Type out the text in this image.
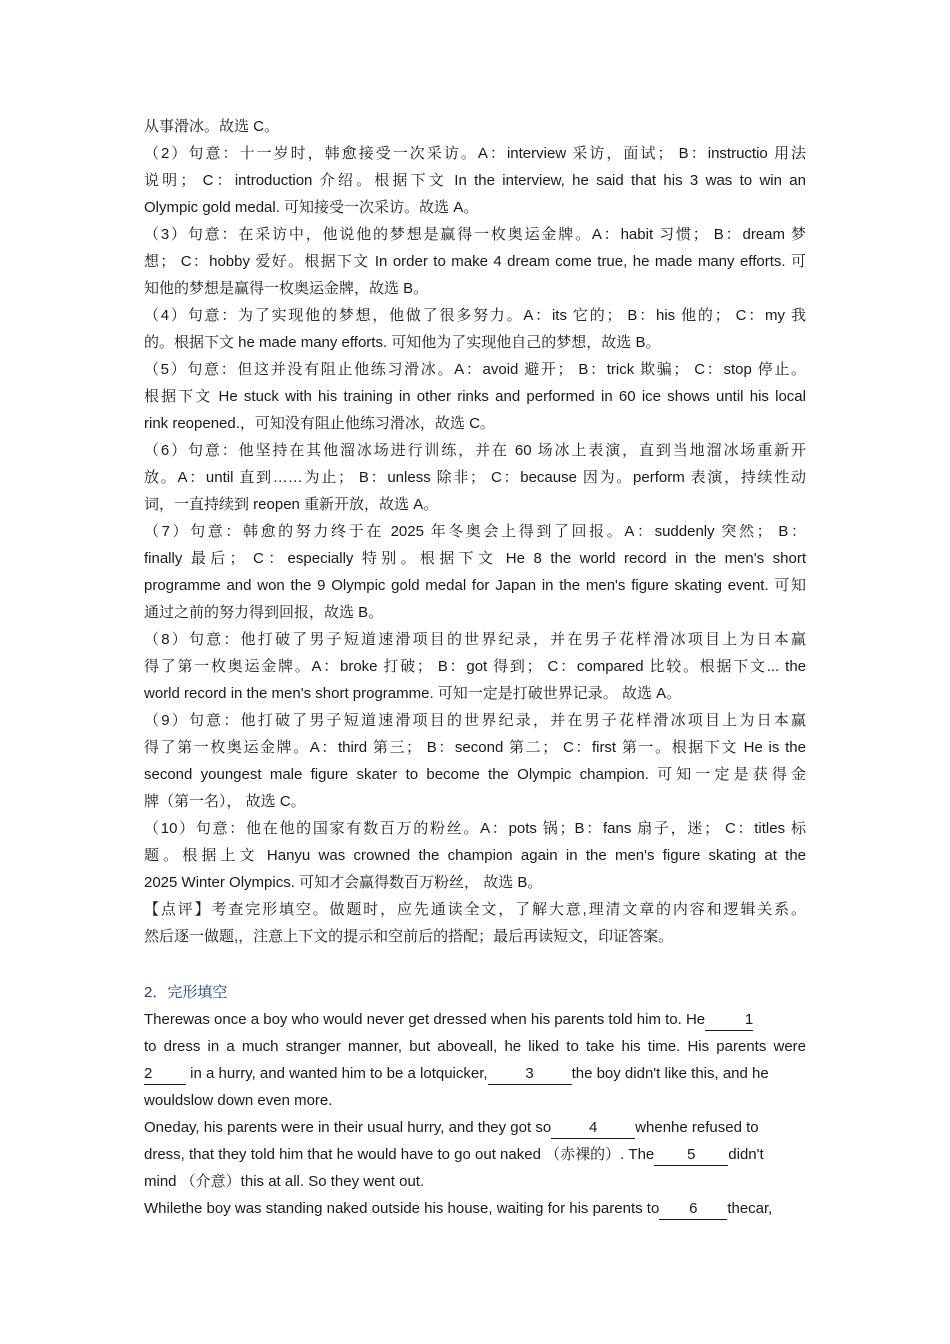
从事滑冰。故选 C。
（2）句意：十一岁时，韩愈接受一次采访。A：interview 采访，面试； B：instructio 用法
说明； C：introduction 介绍。根据下文 In the interview, he said that his 3 was to win an
Olympic gold medal. 可知接受一次采访。故选 A。
（3）句意：在采访中，他说他的梦想是赢得一枚奥运金牌。A：habit 习惯； B：dream 梦
想； C：hobby 爱好。根据下文 In order to make 4 dream come true, he made many efforts. 可
知他的梦想是赢得一枚奥运金牌，故选 B。
（4）句意：为了实现他的梦想，他做了很多努力。A：its 它的； B：his 他的； C：my 我
的。根据下文 he made many efforts. 可知他为了实现他自己的梦想，故选 B。
（5）句意：但这并没有阻止他练习滑冰。A：avoid 避开； B：trick 欺骗； C：stop 停止。
根据下文 He stuck with his training in other rinks and performed in 60 ice shows until his local
rink reopened.，可知没有阻止他练习滑冰，故选 C。
（6）句意：他坚持在其他溜冰场进行训练，并在 60 场冰上表演，直到当地溜冰场重新开
放。A：until 直到……为止； B：unless 除非； C：because 因为。perform 表演，持续性动
词，一直持续到 reopen 重新开放，故选 A。
（7）句意：韩愈的努力终于在 2025 年冬奥会上得到了回报。A：suddenly 突然； B：
finally 最后； C：especially 特别。根据下文 He 8 the world record in the men's short
programme and won the 9 Olympic gold medal for Japan in the men's figure skating event. 可知
通过之前的努力得到回报，故选 B。
（8）句意：他打破了男子短道速滑项目的世界纪录，并在男子花样滑冰项目上为日本赢
得了第一枚奥运金牌。A：broke 打破； B：got 得到； C：compared 比较。根据下文... the
world record in the men's short programme. 可知一定是打破世界记录。 故选 A。
（9）句意：他打破了男子短道速滑项目的世界纪录，并在男子花样滑冰项目上为日本赢
得了第一枚奥运金牌。A：third 第三； B：second 第二； C：first 第一。根据下文 He is the
second youngest male figure skater to become the Olympic champion. 可知一定是获得金
牌（第一名）， 故选 C。
（10）句意：他在他的国家有数百万的粉丝。A：pots 锅；B：fans 扇子，迷； C：titles 标
题。根据上文 Hanyu was crowned the champion again in the men's figure skating at the
2025 Winter Olympics. 可知才会赢得数百万粉丝， 故选 B。
【点评】考查完形填空。做题时，应先通读全文，了解大意,理清文章的内容和逻辑关系。
然后逐一做题,，注意上下文的提示和空前后的搭配；最后再读短文，印证答案。
2．完形填空
Therewas once a boy who would never get dressed when his parents told him to. He	1
to dress in a much stranger manner, but aboveall, he liked to take his time. His parents were
2 in a hurry, and wanted him to be a lotquicker,	3	the boy didn't like this, and he
wouldslow down even more.
Oneday, his parents were in their usual hurry, and they got so	4	whenhe refused to
dress, that they told him that he would have to go out naked （赤裸的）. The 5 didn't
mind （介意）this at all. So they went out.
Whilethe boy was standing naked outside his house, waiting for his parents to 6 thecar,
